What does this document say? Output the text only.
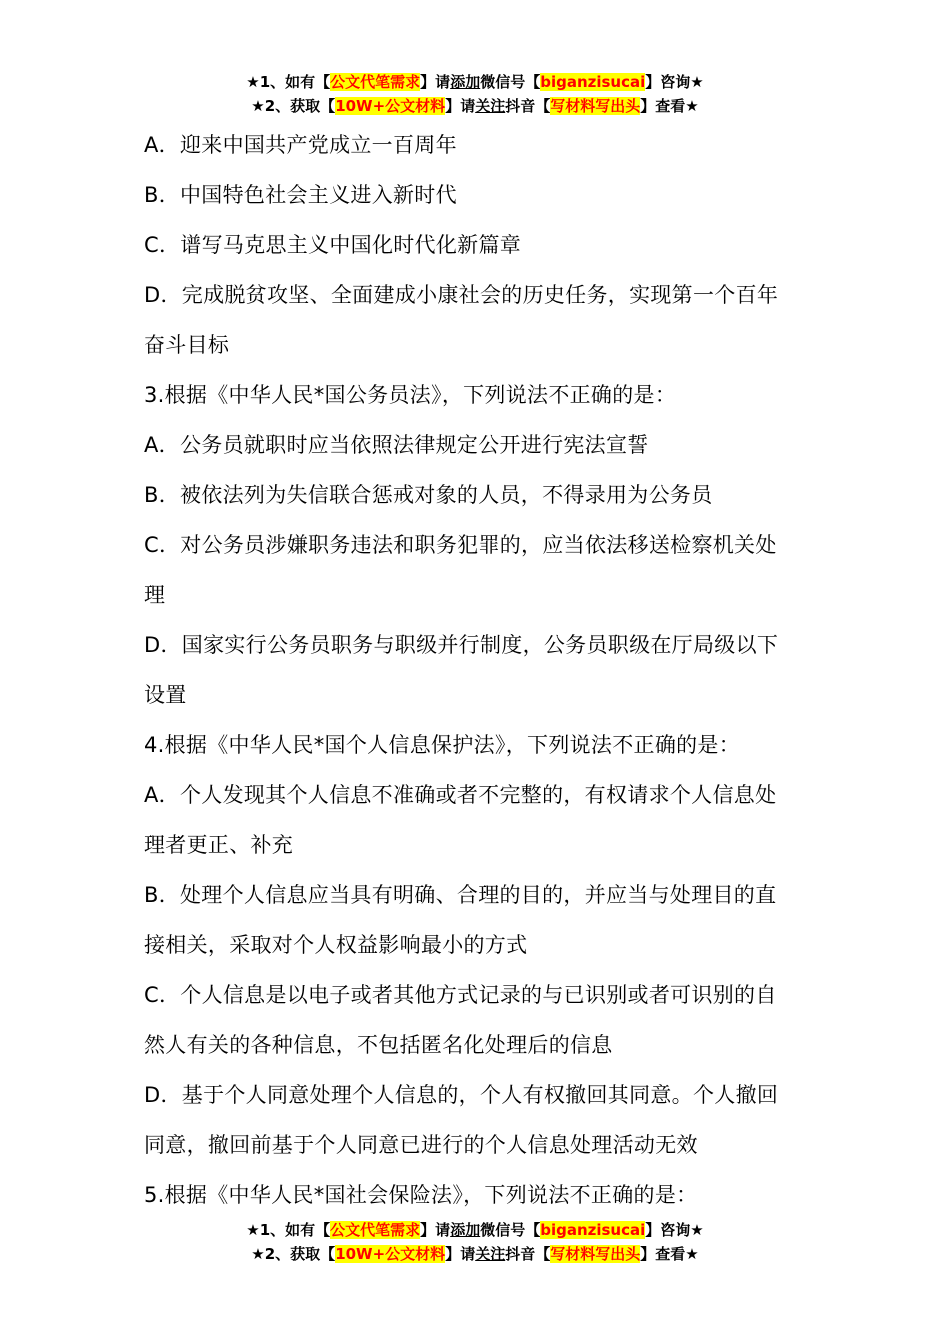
★1、如有【公文代笔需求】请添加微信号【biganzisucai】咨询★
★2、获取【10W+公文材料】请关注抖音【写材料写出头】查看★
A．迎来中国共产党成立一百周年
B．中国特色社会主义进入新时代
C．谱写马克思主义中国化时代化新篇章
D．完成脱贫攻坚、全面建成小康社会的历史任务，实现第一个百年
奋斗目标
3.根据《中华人民*国公务员法》，下列说法不正确的是：
A．公务员就职时应当依照法律规定公开进行宪法宣誓
B．被依法列为失信联合惩戒对象的人员，不得录用为公务员
C．对公务员涉嫌职务违法和职务犯罪的，应当依法移送检察机关处
理
D．国家实行公务员职务与职级并行制度，公务员职级在厅局级以下
设置
4.根据《中华人民*国个人信息保护法》，下列说法不正确的是：
A．个人发现其个人信息不准确或者不完整的，有权请求个人信息处
理者更正、补充
B．处理个人信息应当具有明确、合理的目的，并应当与处理目的直
接相关，采取对个人权益影响最小的方式
C．个人信息是以电子或者其他方式记录的与已识别或者可识别的自
然人有关的各种信息，不包括匿名化处理后的信息
D．基于个人同意处理个人信息的，个人有权撤回其同意。个人撤回
同意，撤回前基于个人同意已进行的个人信息处理活动无效
5.根据《中华人民*国社会保险法》，下列说法不正确的是：
★1、如有【公文代笔需求】请添加微信号【biganzisucai】咨询★
★2、获取【10W+公文材料】请关注抖音【写材料写出头】查看★
